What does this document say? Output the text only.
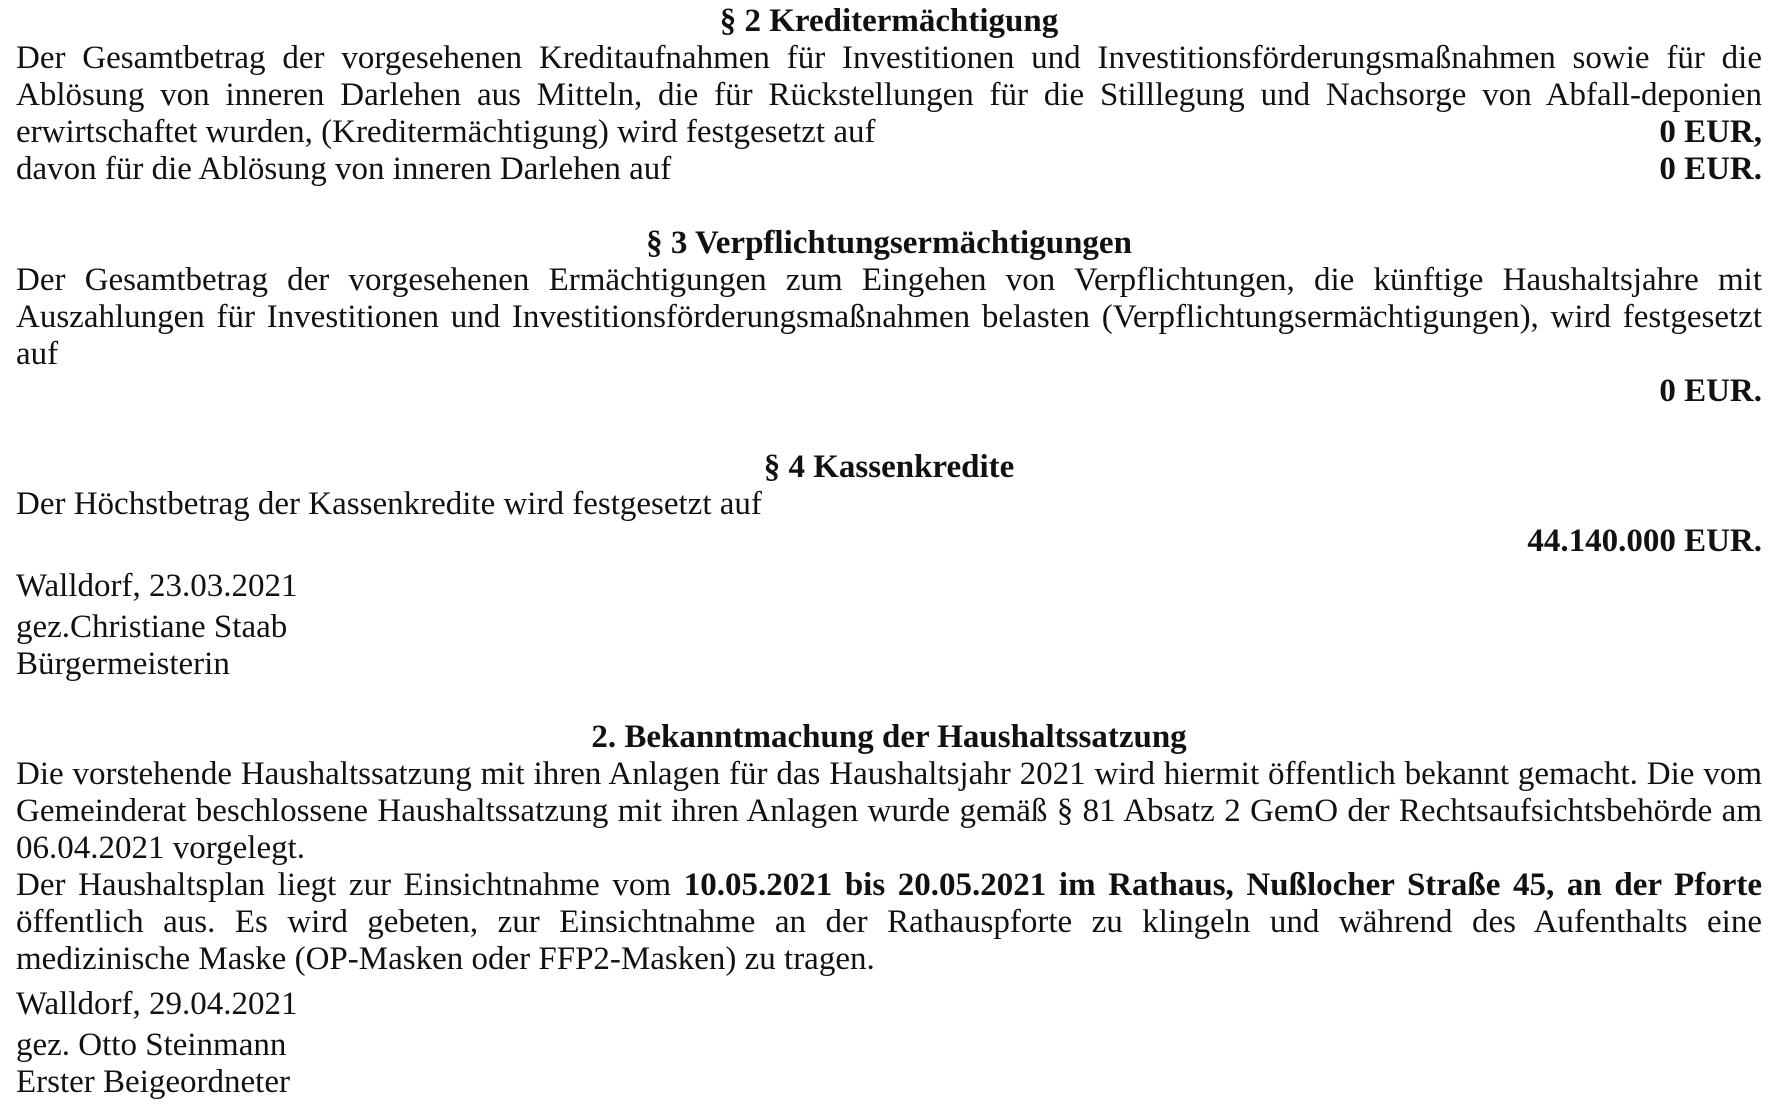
§ 2 Kreditermächtigung

Der Gesamtbetrag der vorgesehenen Kreditaufnahmen für Investitionen und Investitionsförderungsmaßnahmen sowie für die Ablösung von inneren Darlehen aus Mitteln, die für Rückstellungen für die Stilllegung und Nachsorge von Abfall-deponien erwirtschaftet wurden, (Kreditermächtigung) wird festgesetzt auf	0 EUR,
davon für die Ablösung von inneren Darlehen auf	0 EUR.
§ 3 Verpflichtungsermächtigungen

Der Gesamtbetrag der vorgesehenen Ermächtigungen zum Eingehen von Verpflichtungen, die künftige Haushaltsjahre mit Auszahlungen für Investitionen und Investitionsförderungsmaßnahmen belasten (Verpflichtungsermächtigungen), wird festgesetzt auf

0 EUR.

§ 4 Kassenkredite

Der Höchstbetrag der Kassenkredite wird festgesetzt auf

44.140.000 EUR.

Walldorf, 23.03.2021

gez.Christiane Staab

Bürgermeisterin

2. Bekanntmachung der Haushaltssatzung

Die vorstehende Haushaltssatzung mit ihren Anlagen für das Haushaltsjahr 2021 wird hiermit öffentlich bekannt gemacht. Die vom Gemeinderat beschlossene Haushaltssatzung mit ihren Anlagen wurde gemäß § 81 Absatz 2 GemO der Rechtsaufsichtsbehörde am 06.04.2021 vorgelegt.

Der Haushaltsplan liegt zur Einsichtnahme vom 10.05.2021 bis 20.05.2021 im Rathaus, Nußlocher Straße 45, an der Pforte öffentlich aus. Es wird gebeten, zur Einsichtnahme an der Rathauspforte zu klingeln und während des Aufenthalts eine medizinische Maske (OP-Masken oder FFP2-Masken) zu tragen.

Walldorf, 29.04.2021

gez. Otto Steinmann

Erster Beigeordneter
